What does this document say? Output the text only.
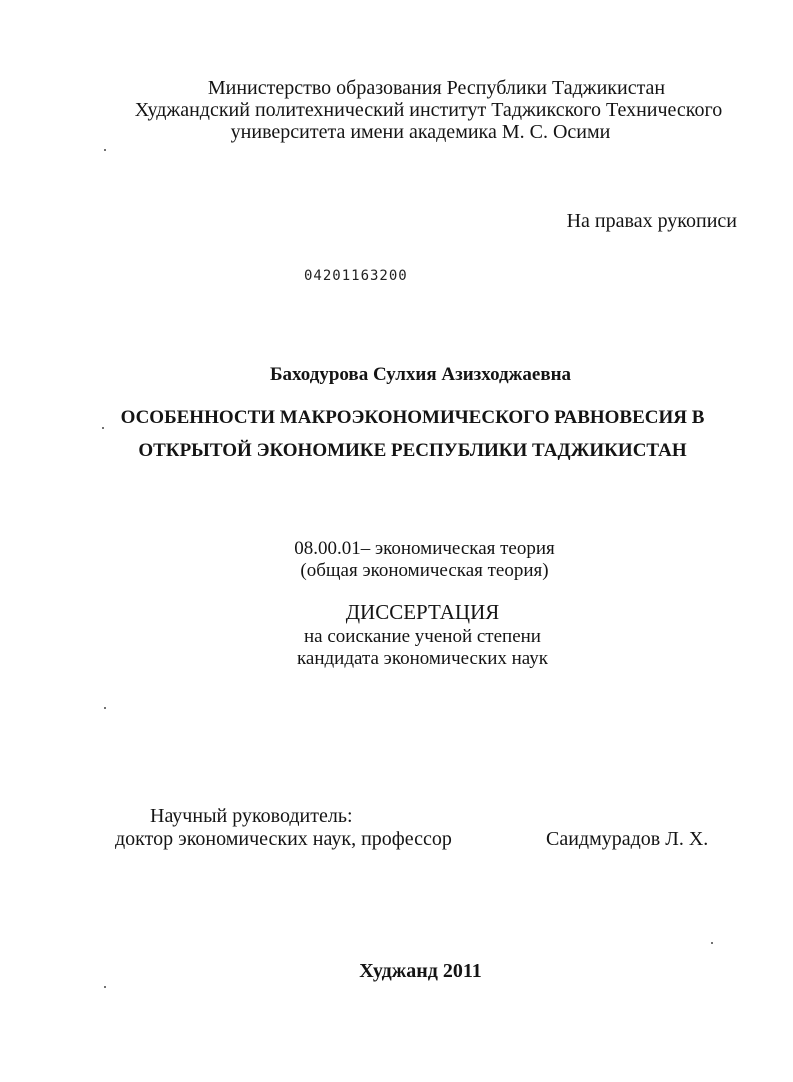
Министерство образования Республики Таджикистан
Худжандский политехнический институт Таджикского Технического
университета имени академика М. С. Осими
На правах рукописи
04201163200
Баходурова Сулхия Азизходжаевна
ОСОБЕННОСТИ МАКРОЭКОНОМИЧЕСКОГО РАВНОВЕСИЯ В
ОТКРЫТОЙ ЭКОНОМИКЕ РЕСПУБЛИКИ ТАДЖИКИСТАН
08.00.01– экономическая теория
(общая экономическая теория)
ДИССЕРТАЦИЯ
на соискание ученой степени
кандидата экономических наук
Научный руководитель:
доктор экономических наук, профессор	Саидмурадов Л. Х.
Худжанд 2011
